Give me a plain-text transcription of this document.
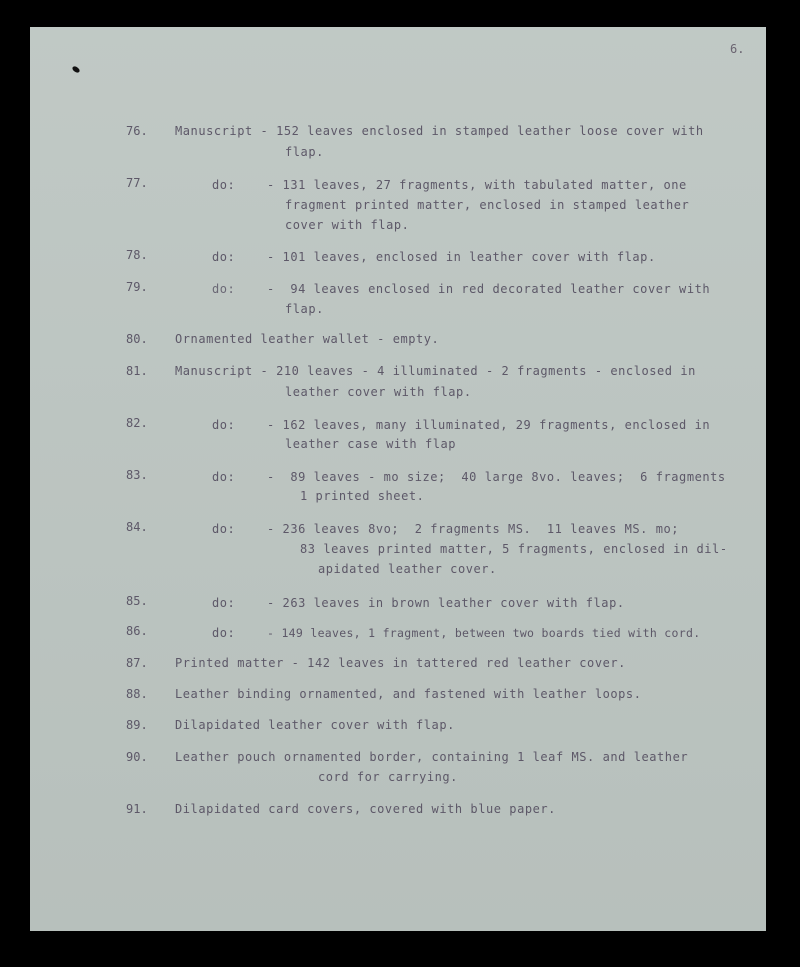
6.
76. Manuscript - 152 leaves enclosed in stamped leather loose cover with
flap.
77.	do:	- 131 leaves, 27 fragments, with tabulated matter, one
fragment printed matter, enclosed in stamped leather
cover with flap.
78.	do:	- 101 leaves, enclosed in leather cover with flap.
79.	do:	-  94 leaves enclosed in red decorated leather cover with
flap.
80. Ornamented leather wallet - empty.
81. Manuscript - 210 leaves - 4 illuminated - 2 fragments - enclosed in
leather cover with flap.
82.	do:	- 162 leaves, many illuminated, 29 fragments, enclosed in
leather case with flap
83.	do:	-  89 leaves - mo size;  40 large 8vo. leaves;  6 fragments
1 printed sheet.
84.	do:	- 236 leaves 8vo;  2 fragments MS.  11 leaves MS. mo;
83 leaves printed matter, 5 fragments, enclosed in dil-
apidated leather cover.
85.	do:	- 263 leaves in brown leather cover with flap.
86.	do:	- 149 leaves, 1 fragment, between two boards tied with cord.
87. Printed matter - 142 leaves in tattered red leather cover.
88. Leather binding ornamented, and fastened with leather loops.
89. Dilapidated leather cover with flap.
90. Leather pouch ornamented border, containing 1 leaf MS. and leather
cord for carrying.
91. Dilapidated card covers, covered with blue paper.
